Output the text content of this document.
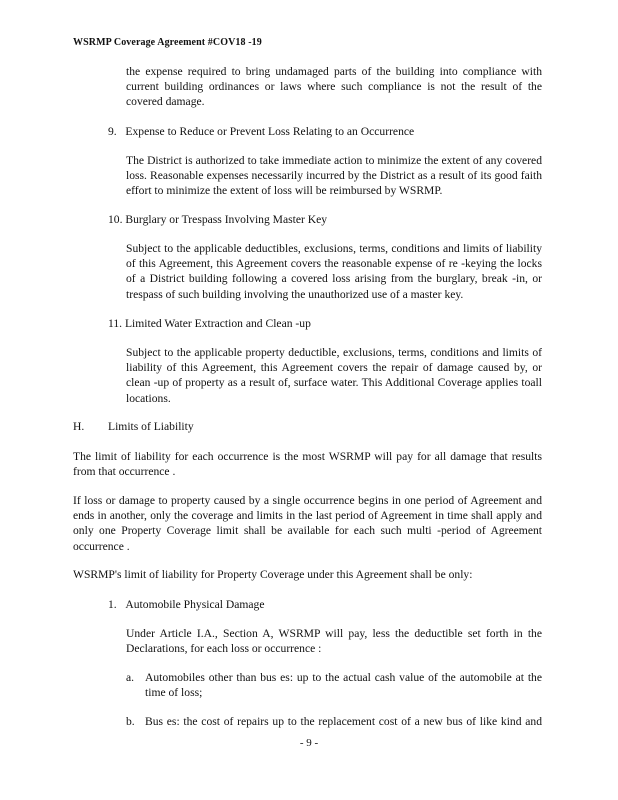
WSRMP Coverage Agreement #COV18 -19

the expense required to bring undamaged parts of the building into compliance with current building ordinances or laws where such compliance is not the result of the covered damage.

9.   Expense to Reduce or Prevent Loss Relating to an Occurrence

The District is authorized to take immediate action to minimize the extent of any covered loss. Reasonable expenses necessarily incurred by the District as a result of its good faith effort to minimize the extent of loss will be reimbursed by WSRMP.

10. Burglary or Trespass Involving Master Key

Subject to the applicable deductibles, exclusions, terms, conditions and limits of liability of this Agreement, this Agreement covers the reasonable expense of re -keying the locks of a District building following a covered loss arising from the burglary, break -in, or trespass of such building involving the unauthorized use of a master key.

11. Limited Water Extraction and Clean -up

Subject to the applicable property deductible, exclusions, terms, conditions and limits of liability of this Agreement, this Agreement covers the repair of damage caused by, or clean -up of property as a result of, surface water. This Additional Coverage applies toall locations.

H. Limits of Liability

The limit of liability for each occurrence is the most WSRMP will pay for all damage that results from that occurrence .

If loss or damage to property caused by a single occurrence begins in one period of Agreement and ends in another, only the coverage and limits in the last period of Agreement in time shall apply and only one Property Coverage limit shall be available for each such multi -period of Agreement occurrence .

WSRMP's limit of liability for Property Coverage under this Agreement shall be only:

1.   Automobile Physical Damage

Under Article I.A., Section A, WSRMP will pay, less the deductible set forth in the Declarations, for each loss or occurrence :

a. Automobiles other than bus es: up to the actual cash value of the automobile at the time of loss;

b. Bus es: the cost of repairs up to the replacement cost of a new bus of like kind and

- 9 -
